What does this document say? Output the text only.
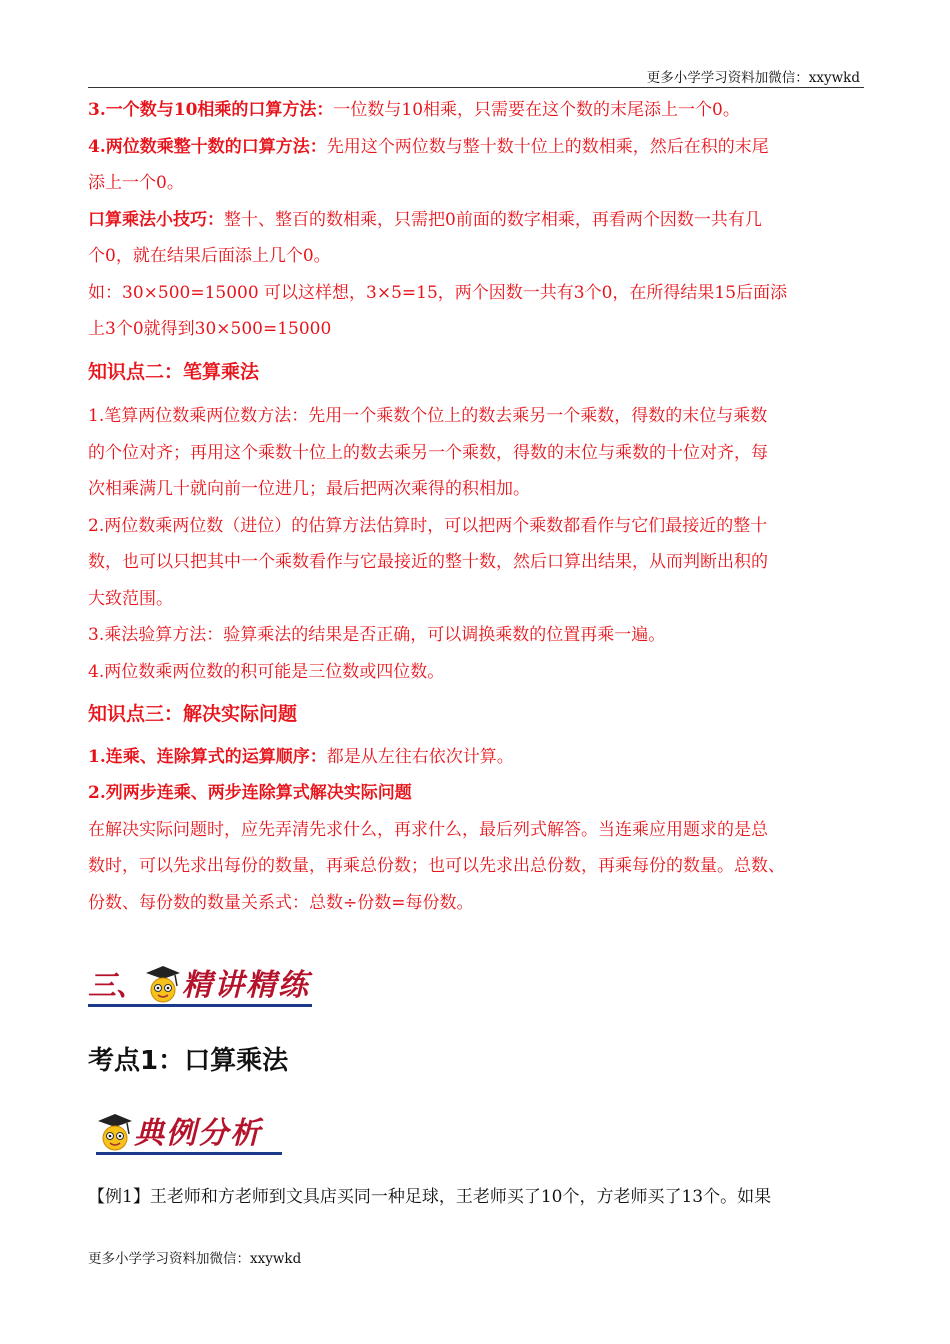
更多小学学习资料加微信：xxywkd
3.一个数与10相乘的口算方法：一位数与10相乘，只需要在这个数的末尾添上一个0。
4.两位数乘整十数的口算方法：先用这个两位数与整十数十位上的数相乘，然后在积的末尾
添上一个0。
口算乘法小技巧：整十、整百的数相乘，只需把0前面的数字相乘，再看两个因数一共有几
个0，就在结果后面添上几个0。
如：30×500=15000 可以这样想，3×5=15，两个因数一共有3个0，在所得结果15后面添
上3个0就得到30×500=15000
知识点二：笔算乘法
1.笔算两位数乘两位数方法：先用一个乘数个位上的数去乘另一个乘数，得数的末位与乘数
的个位对齐；再用这个乘数十位上的数去乘另一个乘数，得数的末位与乘数的十位对齐，每
次相乘满几十就向前一位进几；最后把两次乘得的积相加。
2.两位数乘两位数（进位）的估算方法估算时，可以把两个乘数都看作与它们最接近的整十
数，也可以只把其中一个乘数看作与它最接近的整十数，然后口算出结果，从而判断出积的
大致范围。
3.乘法验算方法：验算乘法的结果是否正确，可以调换乘数的位置再乘一遍。
4.两位数乘两位数的积可能是三位数或四位数。
知识点三：解决实际问题
1.连乘、连除算式的运算顺序：都是从左往右依次计算。
2.列两步连乘、两步连除算式解决实际问题
在解决实际问题时，应先弄清先求什么，再求什么，最后列式解答。当连乘应用题求的是总
数时，可以先求出每份的数量，再乘总份数；也可以先求出总份数，再乘每份的数量。总数、
份数、每份数的数量关系式：总数÷份数=每份数。
三、 精讲精练
考点1：口算乘法
典例分析
【例1】王老师和方老师到文具店买同一种足球，王老师买了10个，方老师买了13个。如果
更多小学学习资料加微信：xxywkd
